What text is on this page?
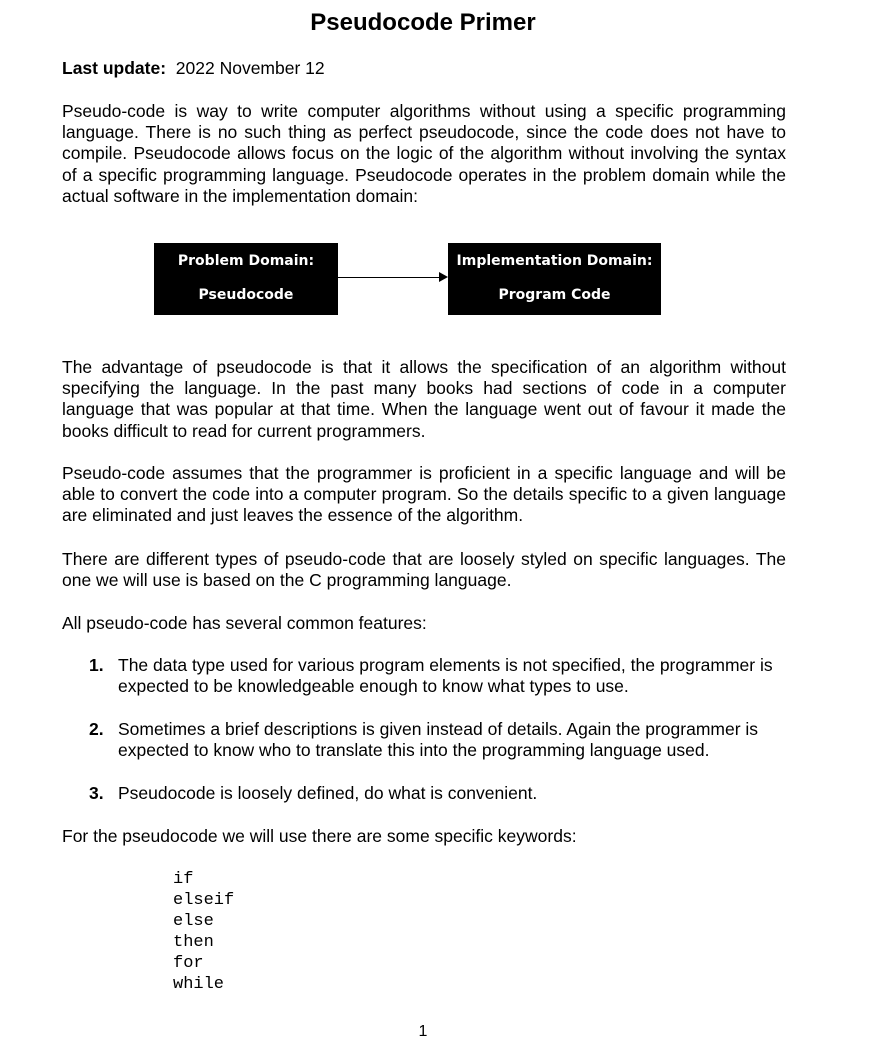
Pseudocode Primer

Last update: 2022 November 12

Pseudo-code is way to write computer algorithms without using a specific programming language. There is no such thing as perfect pseudocode, since the code does not have to compile. Pseudocode allows focus on the logic of the algorithm without involving the syntax of a specific programming language. Pseudocode operates in the problem domain while the actual software in the implementation domain:

Problem Domain:
Pseudocode
Implementation Domain:
Program Code

The advantage of pseudocode is that it allows the specification of an algorithm without specifying the language. In the past many books had sections of code in a computer language that was popular at that time. When the language went out of favour it made the books difficult to read for current programmers.

Pseudo-code assumes that the programmer is proficient in a specific language and will be able to convert the code into a computer program. So the details specific to a given language are eliminated and just leaves the essence of the algorithm.

There are different types of pseudo-code that are loosely styled on specific languages. The one we will use is based on the C programming language.

All pseudo-code has several common features:

1. The data type used for various program elements is not specified, the programmer is expected to be knowledgeable enough to know what types to use.
2. Sometimes a brief descriptions is given instead of details. Again the programmer is expected to know who to translate this into the programming language used.
3. Pseudocode is loosely defined, do what is convenient.

For the pseudocode we will use there are some specific keywords:

if
elseif
else
then
for
while
1
